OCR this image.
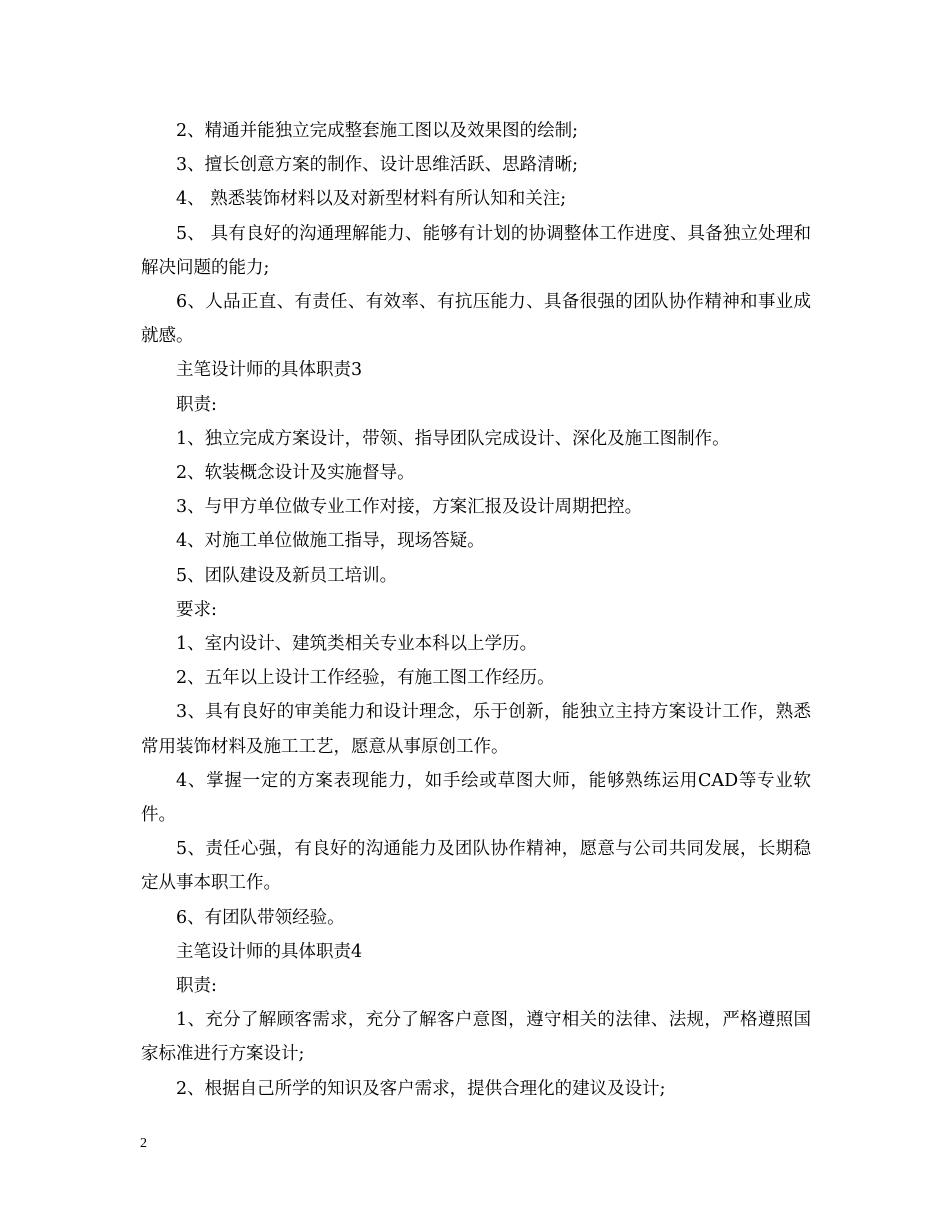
2、精通并能独立完成整套施工图以及效果图的绘制;

3、擅长创意方案的制作、设计思维活跃、思路清晰;

4、 熟悉装饰材料以及对新型材料有所认知和关注;

5、 具有良好的沟通理解能力、能够有计划的协调整体工作进度、具备独立处理和解决问题的能力;

6、人品正直、有责任、有效率、有抗压能力、具备很强的团队协作精神和事业成就感。

主笔设计师的具体职责3

职责:

1、独立完成方案设计，带领、指导团队完成设计、深化及施工图制作。

2、软装概念设计及实施督导。

3、与甲方单位做专业工作对接，方案汇报及设计周期把控。

4、对施工单位做施工指导，现场答疑。

5、团队建设及新员工培训。

要求:

1、室内设计、建筑类相关专业本科以上学历。

2、五年以上设计工作经验，有施工图工作经历。

3、具有良好的审美能力和设计理念，乐于创新，能独立主持方案设计工作，熟悉常用装饰材料及施工工艺，愿意从事原创工作。

4、掌握一定的方案表现能力，如手绘或草图大师，能够熟练运用CAD等专业软件。

5、责任心强，有良好的沟通能力及团队协作精神，愿意与公司共同发展，长期稳定从事本职工作。

6、有团队带领经验。

主笔设计师的具体职责4

职责:

1、充分了解顾客需求，充分了解客户意图，遵守相关的法律、法规，严格遵照国家标准进行方案设计;

2、根据自己所学的知识及客户需求，提供合理化的建议及设计;

2
